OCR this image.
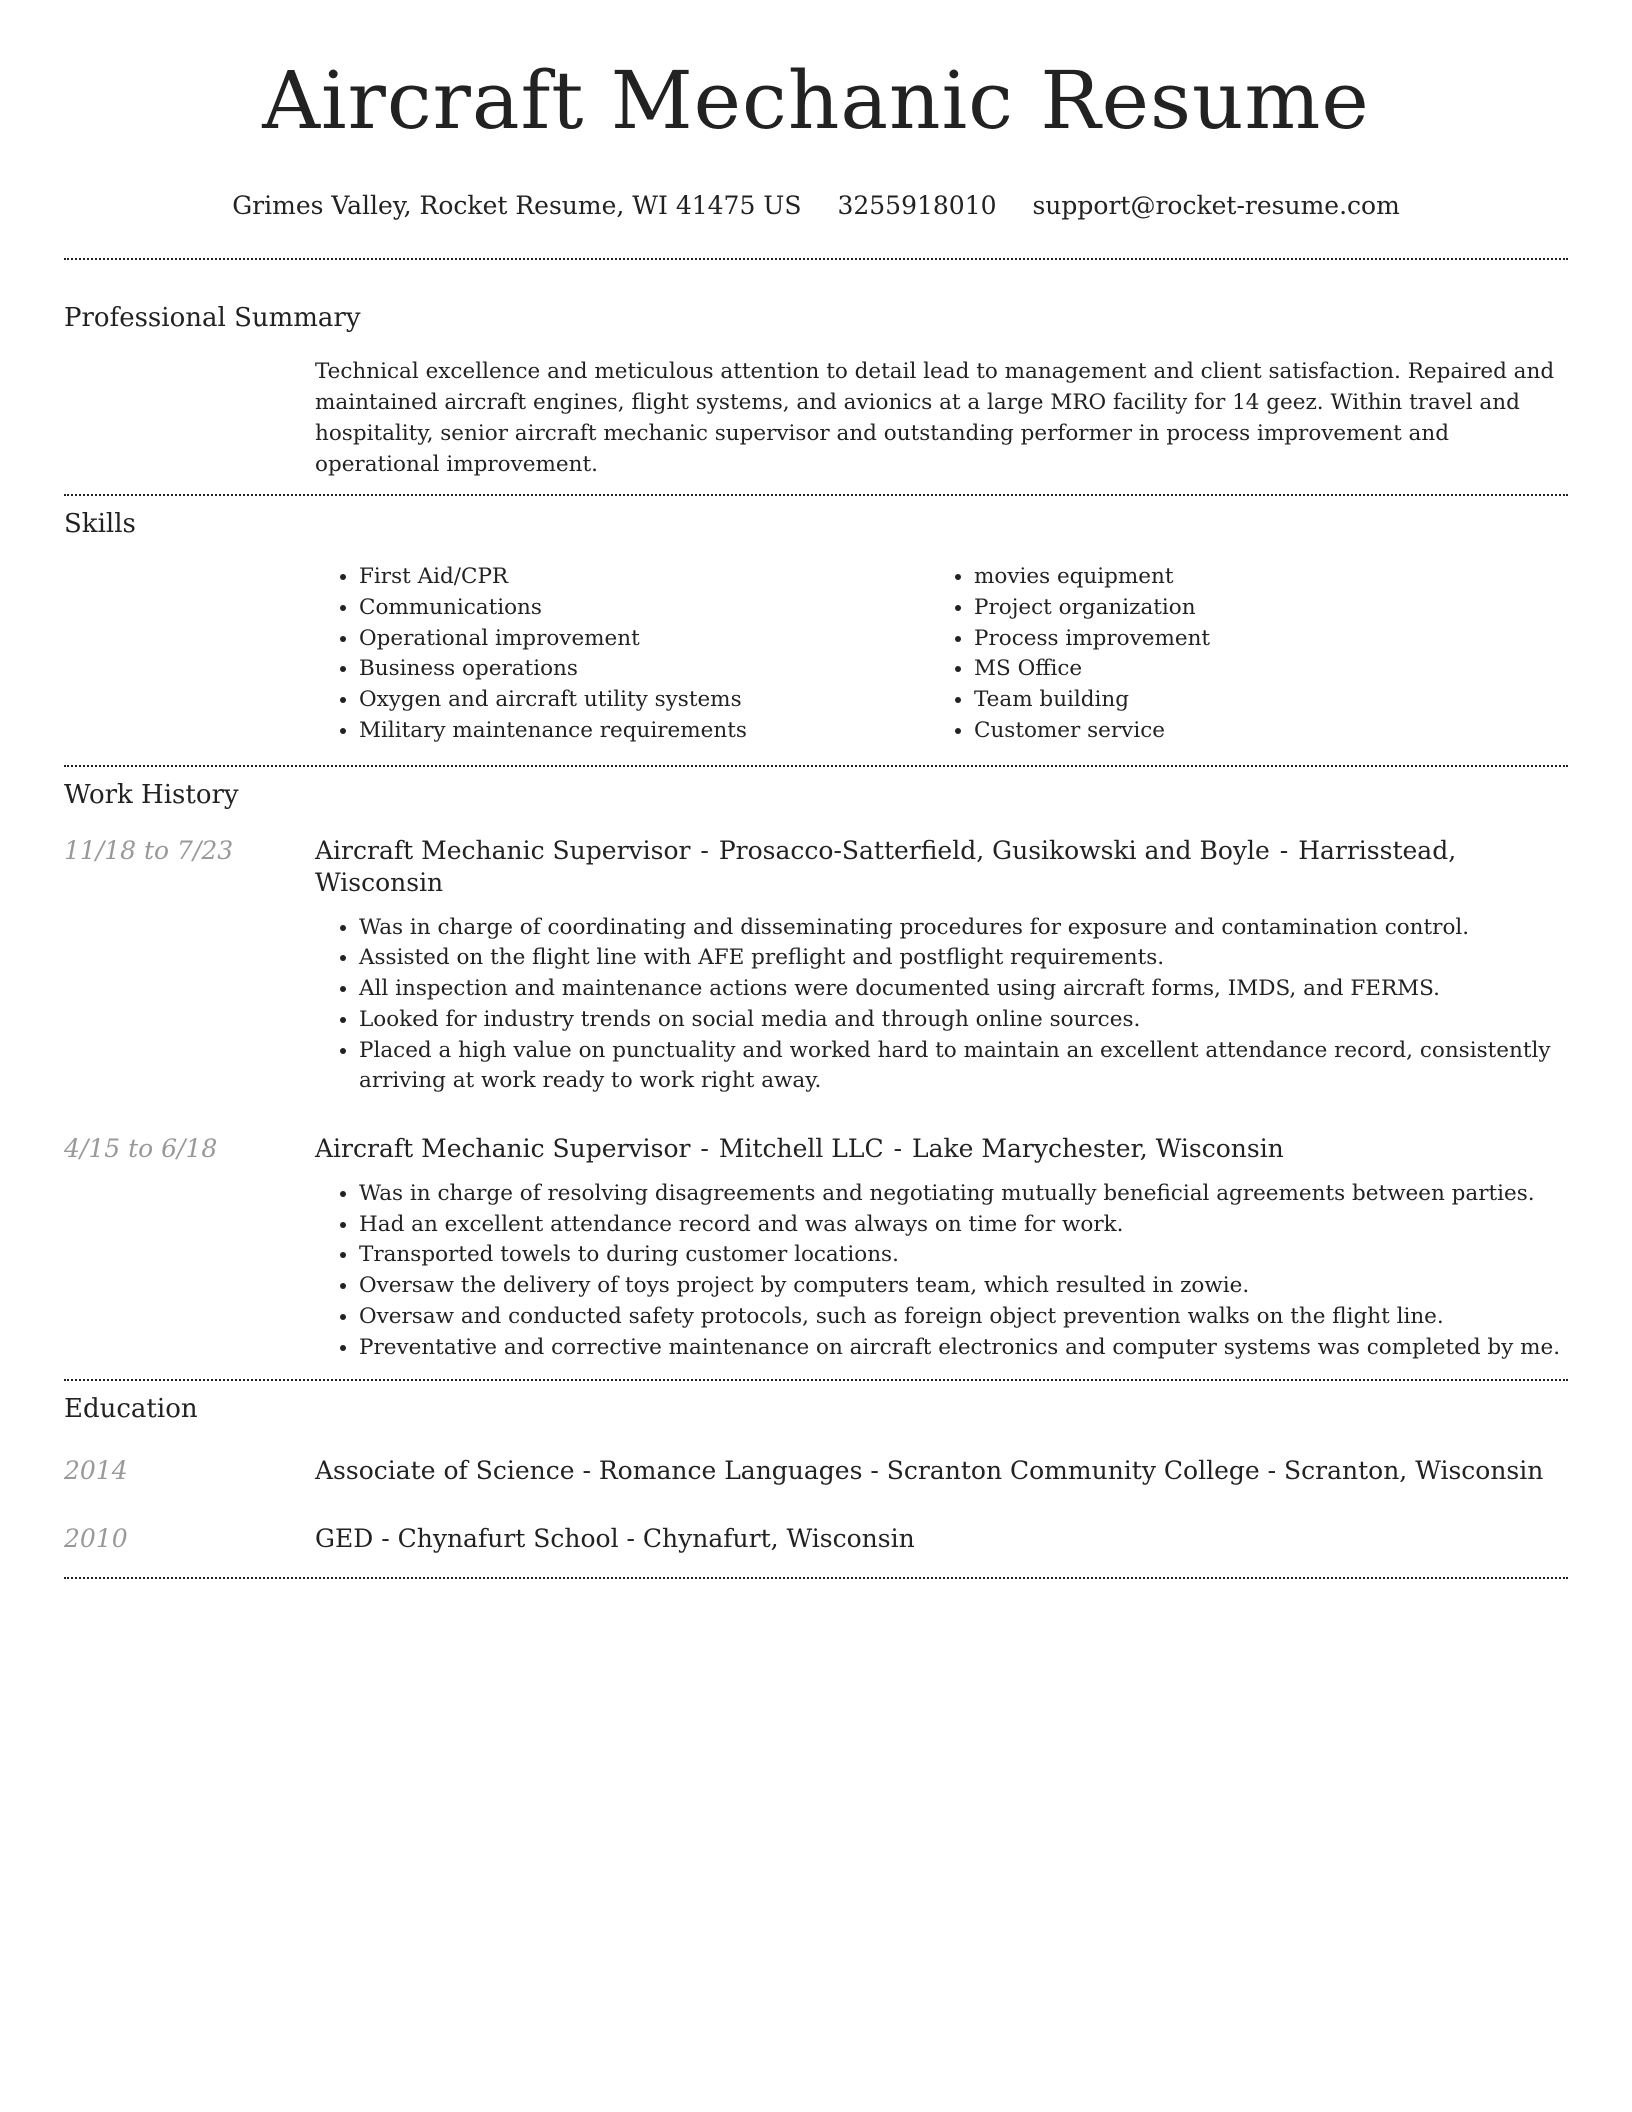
Aircraft Mechanic Resume
Grimes Valley, Rocket Resume, WI 41475 US 3255918010 support@rocket-resume.com
Professional Summary
Technical excellence and meticulous attention to detail lead to management and client satisfaction. Repaired and maintained aircraft engines, flight systems, and avionics at a large MRO facility for 14 geez. Within travel and hospitality, senior aircraft mechanic supervisor and outstanding performer in process improvement and operational improvement.
Skills
• First Aid/CPR
• Communications
• Operational improvement
• Business operations
• Oxygen and aircraft utility systems
• Military maintenance requirements
• movies equipment
• Project organization
• Process improvement
• MS Office
• Team building
• Customer service
Work History
11/18 to 7/23	Aircraft Mechanic Supervisor - Prosacco-Satterfield, Gusikowski and Boyle - Harrisstead, Wisconsin
• Was in charge of coordinating and disseminating procedures for exposure and contamination control.
• Assisted on the flight line with AFE preflight and postflight requirements.
• All inspection and maintenance actions were documented using aircraft forms, IMDS, and FERMS.
• Looked for industry trends on social media and through online sources.
• Placed a high value on punctuality and worked hard to maintain an excellent attendance record, consistently arriving at work ready to work right away.
4/15 to 6/18	Aircraft Mechanic Supervisor - Mitchell LLC - Lake Marychester, Wisconsin
• Was in charge of resolving disagreements and negotiating mutually beneficial agreements between parties.
• Had an excellent attendance record and was always on time for work.
• Transported towels to during customer locations.
• Oversaw the delivery of toys project by computers team, which resulted in zowie.
• Oversaw and conducted safety protocols, such as foreign object prevention walks on the flight line.
• Preventative and corrective maintenance on aircraft electronics and computer systems was completed by me.
Education
2014	Associate of Science - Romance Languages - Scranton Community College - Scranton, Wisconsin
2010	GED - Chynafurt School - Chynafurt, Wisconsin
